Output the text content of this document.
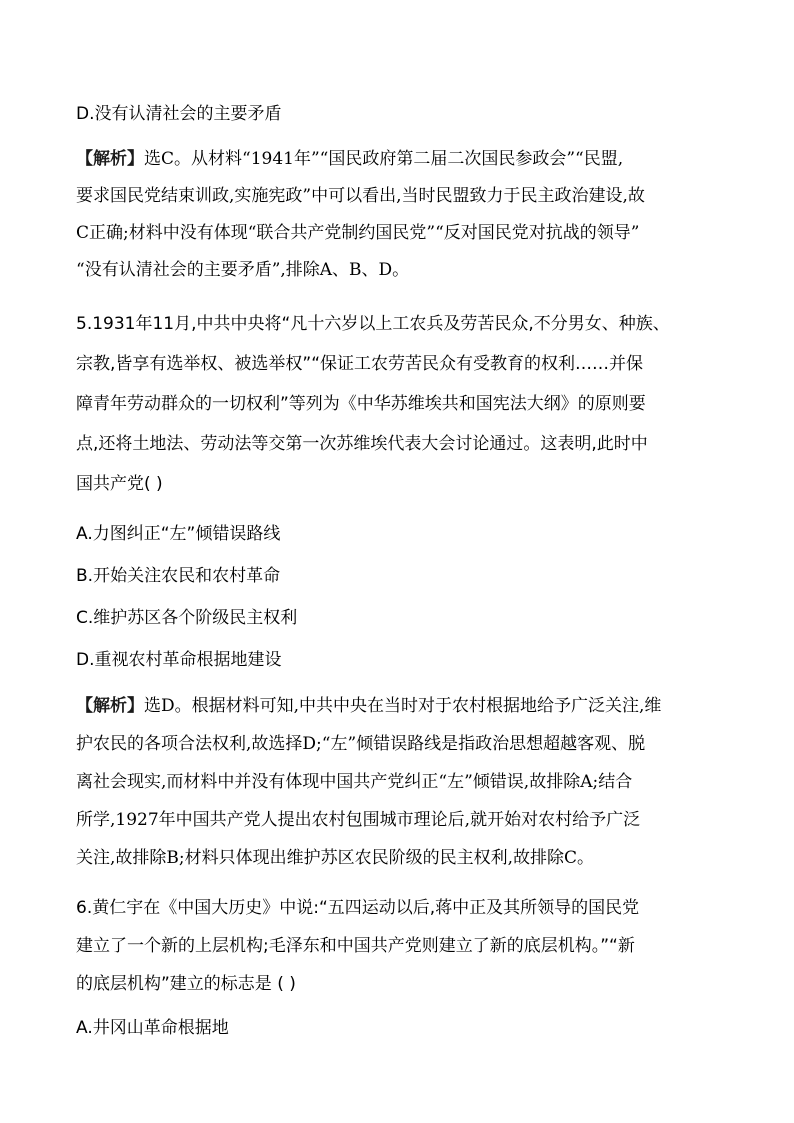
D.没有认清社会的主要矛盾
【解析】选C。从材料“1941年”“国民政府第二届二次国民参政会”“民盟,
要求国民党结束训政,实施宪政”中可以看出,当时民盟致力于民主政治建设,故
C正确;材料中没有体现“联合共产党制约国民党”“反对国民党对抗战的领导”
“没有认清社会的主要矛盾”,排除A、B、D。
5.1931年11月,中共中央将“凡十六岁以上工农兵及劳苦民众,不分男女、种族、
宗教,皆享有选举权、被选举权”“保证工农劳苦民众有受教育的权利……并保
障青年劳动群众的一切权利”等列为《中华苏维埃共和国宪法大纲》的原则要
点,还将土地法、劳动法等交第一次苏维埃代表大会讨论通过。这表明,此时中
国共产党( )
A.力图纠正“左”倾错误路线
B.开始关注农民和农村革命
C.维护苏区各个阶级民主权利
D.重视农村革命根据地建设
【解析】选D。根据材料可知,中共中央在当时对于农村根据地给予广泛关注,维
护农民的各项合法权利,故选择D;“左”倾错误路线是指政治思想超越客观、脱
离社会现实,而材料中并没有体现中国共产党纠正“左”倾错误,故排除A;结合
所学,1927年中国共产党人提出农村包围城市理论后,就开始对农村给予广泛
关注,故排除B;材料只体现出维护苏区农民阶级的民主权利,故排除C。
6.黄仁宇在《中国大历史》中说:“五四运动以后,蒋中正及其所领导的国民党
建立了一个新的上层机构;毛泽东和中国共产党则建立了新的底层机构。”“新
的底层机构”建立的标志是 ( )
A.井冈山革命根据地
